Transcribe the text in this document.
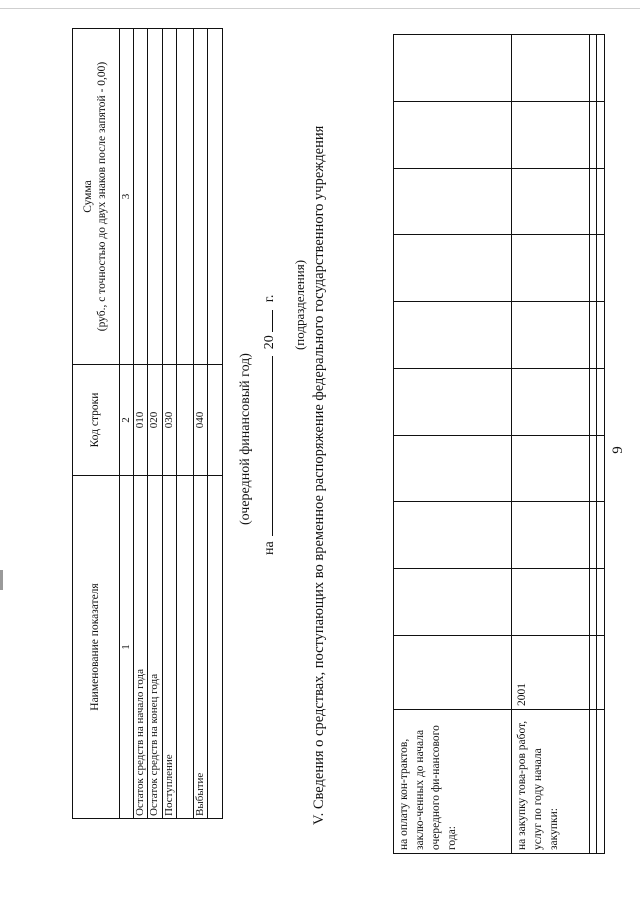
9
на оплату кон-трактов, заклю-ченных до начала очередного фи-нансового года:										
на закупку това-ров работ, услуг по году начала закупки:	2001									

V. Сведения о средствах, поступающих во временное распоряжение федерального государственного учреждения
(подразделения)
на  20  г.
(очередной финансовый год)
Наименование показателя	Код строки	Сумма (руб., с точностью до двух знаков после запятой - 0,00)

1	2	3
Остаток средств на начало года	010	
Остаток средств на конец года	020	
Поступление	030	

Выбытие	040	
